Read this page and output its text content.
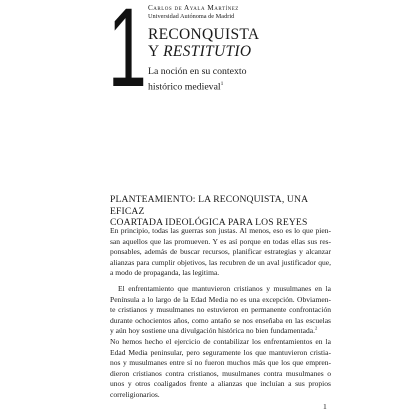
1 Carlos de Ayala Martínez
Universidad Autónoma de Madrid
RECONQUISTA
Y RESTITUTIO
La noción en su contexto
histórico medieval$^1$
PLANTEAMIENTO: LA RECONQUISTA, UNA EFICAZ
COARTADA IDEOLÓGICA PARA LOS REYES
En principio, todas las guerras son justas. Al menos, eso es lo que pien-
san aquellos que las promueven. Y es así porque en todas ellas sus res-
ponsables, además de buscar recursos, planificar estrategias y alcanzar
alianzas para cumplir objetivos, las recubren de un aval justificador que,
a modo de propaganda, las legitima.
El enfrentamiento que mantuvieron cristianos y musulmanes en la
Península a lo largo de la Edad Media no es una excepción. Obviamen-
te cristianos y musulmanes no estuvieron en permanente confrontación
durante ochocientos años, como antaño se nos enseñaba en las escuelas
y aún hoy sostiene una divulgación histórica no bien fundamentada.$^2$
No hemos hecho el ejercicio de contabilizar los enfrentamientos en la
Edad Media peninsular, pero seguramente los que mantuvieron cristia-
nos y musulmanes entre sí no fueron muchos más que los que empren-
dieron cristianos contra cristianos, musulmanes contra musulmanes o
unos y otros coaligados frente a alianzas que incluían a sus propios
correligionarios.
1
